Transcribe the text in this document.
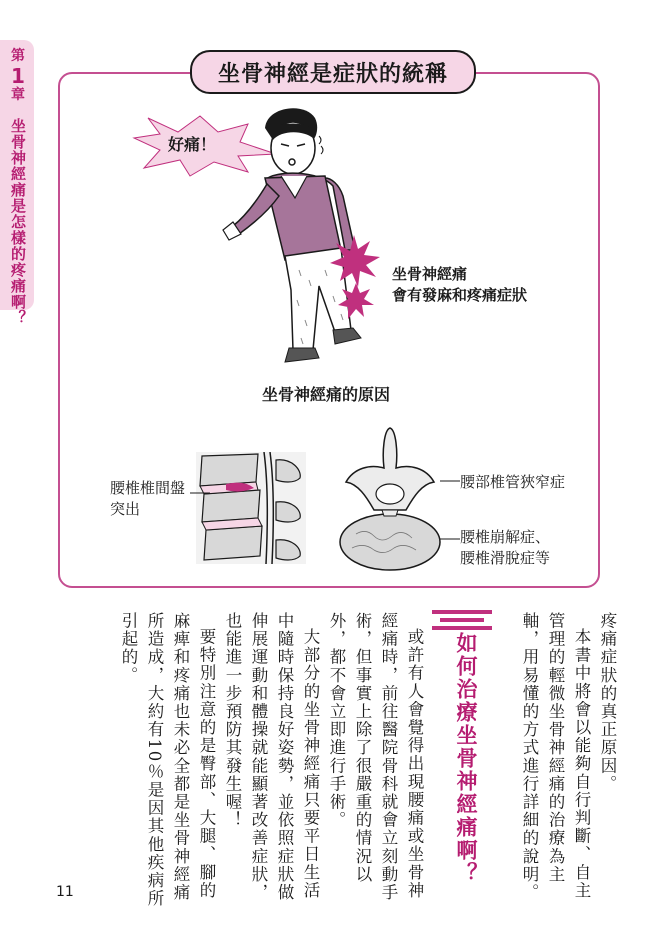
第
1
章
坐骨神經痛是怎樣的疼痛啊？
坐骨神經是症狀的統稱
好痛！
坐骨神經痛
會有發麻和疼痛症狀
坐骨神經痛的原因
腰椎椎間盤
突出
腰部椎管狹窄症
腰椎崩解症、
腰椎滑脫症等
疼痛症狀的真正原因。
本書中將會以能夠自行判斷、自主
管理的輕微坐骨神經痛的治療為主
軸，用易懂的方式進行詳細的說明。
如何治療坐骨神經痛啊？
或許有人會覺得出現腰痛或坐骨神
經痛時，前往醫院骨科就會立刻動手
術，但事實上除了很嚴重的情況以
外，都不會立即進行手術。
大部分的坐骨神經痛只要平日生活
中隨時保持良好姿勢，並依照症狀做
伸展運動和體操就能顯著改善症狀，
也能進一步預防其發生喔！
要特別注意的是臀部、大腿、腳的
麻痺和疼痛也未必全都是坐骨神經痛
所造成，大約有10％是因其他疾病所
引起的。
11
